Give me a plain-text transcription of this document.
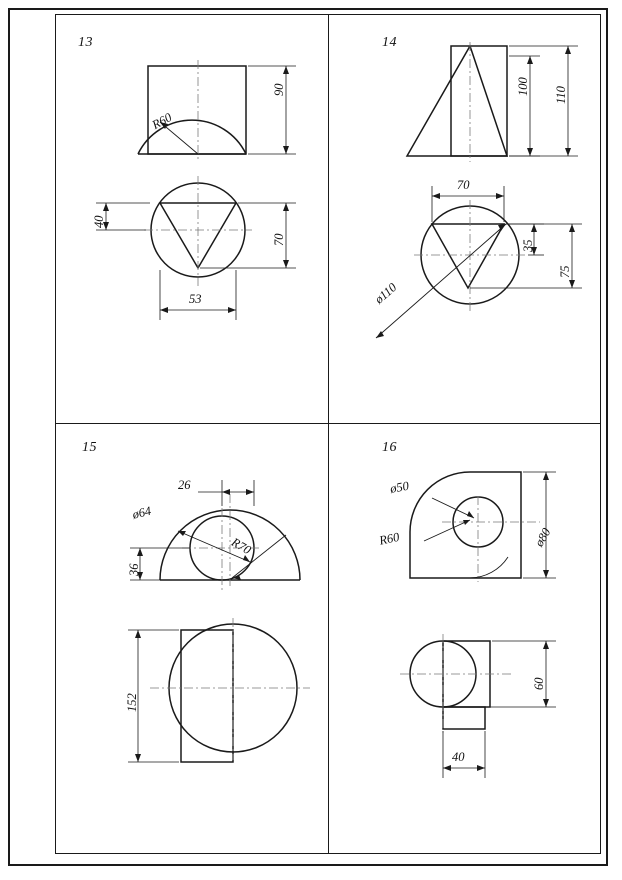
13
R60
90
40
70
53
14
100 110
70
35
75
ø110
15
26
ø64
R70
36
152
16
ø50
R60	ø80
60
40
